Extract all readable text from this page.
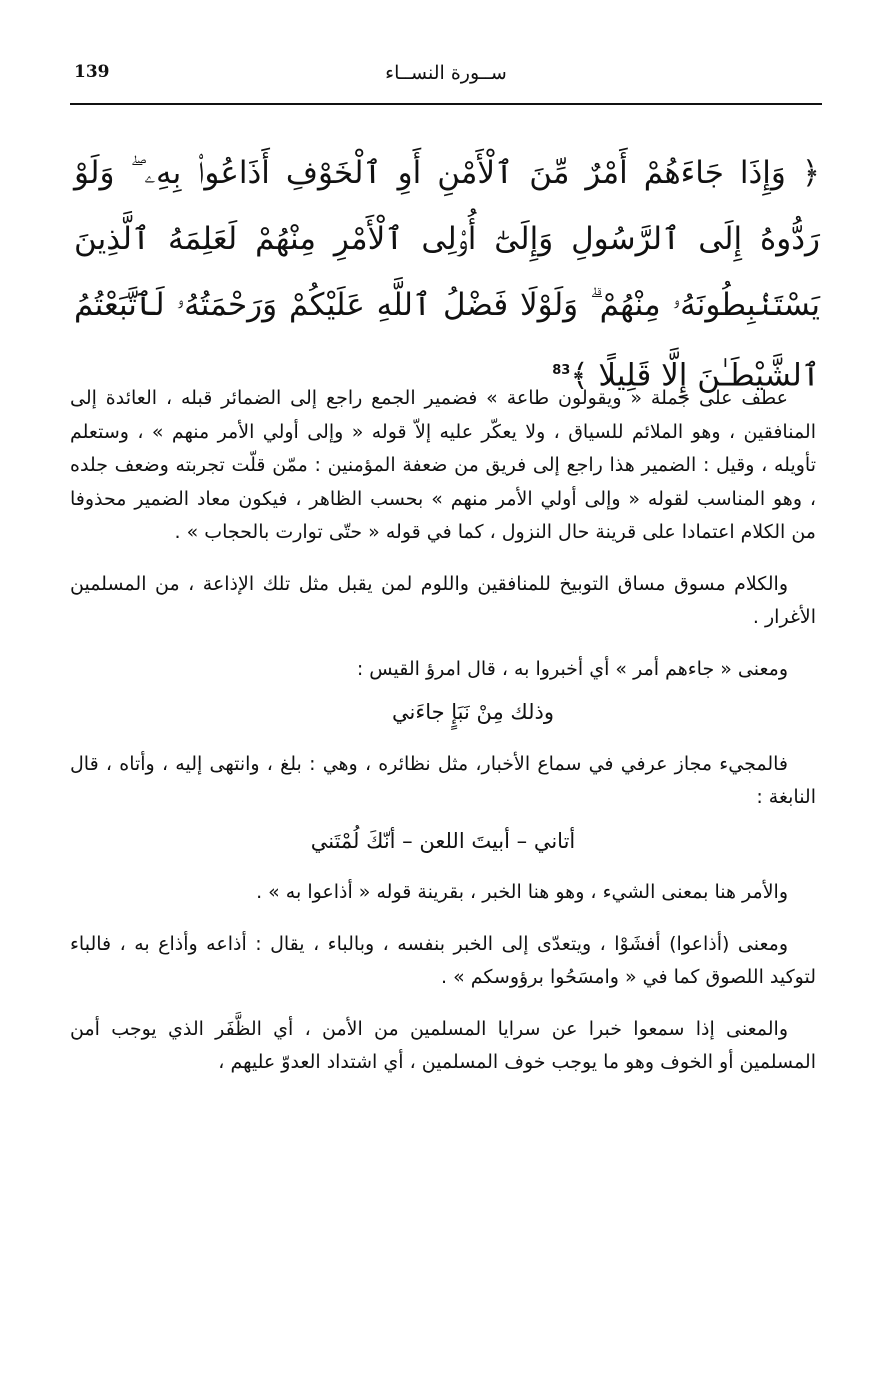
139	ســورة النســاء
﴿ وَإِذَا جَاءَهُمْ أَمْرٌ مِّنَ ٱلْأَمْنِ أَوِ ٱلْخَوْفِ أَذَاعُوا۟ بِهِۦ ۖ وَلَوْ رَدُّوهُ إِلَى ٱلرَّسُولِ وَإِلَىٰٓ أُو۟لِى ٱلْأَمْرِ مِنْهُمْ لَعَلِمَهُ ٱلَّذِينَ يَسْتَنۢبِطُونَهُۥ مِنْهُمْ ۗ وَلَوْلَا فَضْلُ ٱللَّهِ عَلَيْكُمْ وَرَحْمَتُهُۥ لَٱتَّبَعْتُمُ ٱلشَّيْطَـٰنَ إِلَّا قَلِيلًا ﴾$^{83}$

عطف على جملة « ويقولون طاعة » فضمير الجمع راجع إلى الضمائر قبله ، العائدة إلى المنافقين ، وهو الملائم للسياق ، ولا يعكّر عليه إلاّ قوله « وإلى أولي الأمر منهم » ، وستعلم تأويله ، وقيل : الضمير هذا راجع إلى فريق من ضعفة المؤمنين : ممّن قلّت تجربته وضعف جلده ، وهو المناسب لقوله « وإلى أولي الأمر منهم » بحسب الظاهر ، فيكون معاد الضمير محذوفا من الكلام اعتمادا على قرينة حال النزول ، كما في قوله « حتّى توارت بالحجاب » .

والكلام مسوق مساق التوبيخ للمنافقين واللوم لمن يقبل مثل تلك الإذاعة ، من المسلمين الأغرار .

ومعنى « جاءهم أمر » أي أخبروا به ، قال امرؤ القيس :

وذلك مِنْ نَبَإٍ جاءَني

فالمجيء مجاز عرفي في سماع الأخبار، مثل نظائره ، وهي : بلغ ، وانتهى إليه ، وأتاه ، قال النابغة :

أتاني – أبيتَ اللعن – أنّكَ لُمْتَني

والأمر هنا بمعنى الشيء ، وهو هنا الخبر ، بقرينة قوله « أذاعوا به » .

ومعنى (أذاعوا) أفشَوْا ، ويتعدّى إلى الخبر بنفسه ، وبالباء ، يقال : أذاعه وأذاع به ، فالباء لتوكيد اللصوق كما في « وامسَحُوا برؤوسكم » .

والمعنى إذا سمعوا خبرا عن سرايا المسلمين من الأمن ، أي الظَّفَر الذي يوجب أمن المسلمين أو الخوف وهو ما يوجب خوف المسلمين ، أي اشتداد العدوّ عليهم ،
